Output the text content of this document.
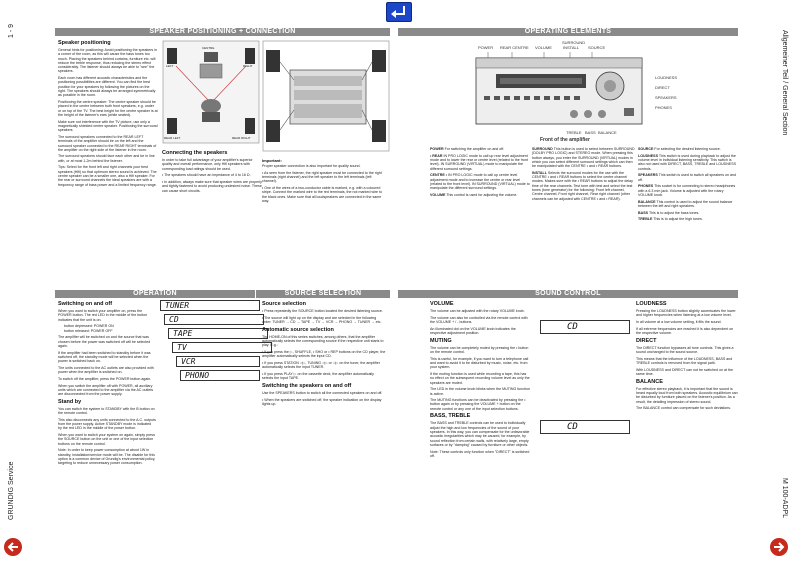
1 - 9
GRUNDIG Service
Allgemeiner Teil / General Section
M 100-ADPL
SPEAKER POSITIONING + CONNECTION
Speaker positioning

General hints for positioning: Avoid positioning the speakers in a corner of the room, as this will cause the bass tones too much. Placing the speakers behind curtains, furniture etc. will reduce the treble response, thus reducing the stereo effect considerably. The listener should always be able to "see" the speakers.

Each room has different acoustic characteristics and the positioning possibilities are different. You can find the best position for your speakers by following the pictures on the right. The speakers should always be arranged symmetrically as possible in the room.

Positioning the centre speaker: The centre speaker should be placed in the centre between both front speakers, e.g. under or on top of the TV. The best height for the centre speaker is at the height of the listener's ears (while seated).

Make sure not interference with the TV picture, use only a magnetically shielded centre speaker. Positioning the surround speakers

The surround speakers connected to the REAR LEFT terminals of the amplifier should be on the left and the surround speaker connected to the REAR RIGHT terminals of the amplifier on the right side of the listener in the room.

The surround speakers should face each other and be in line with, or at most 1-2m behind the listener.

Tips: Select for the front left and right channels your best speakers (Hifi) so that optimum stereo sound is achieved. The centre speaker can be a smaller one, also a Hifi speaker. For the rear or surround channels the ideal speakers are with a frequency range of bass power and a limited frequency range.

LEFT	RIGHT
CENTRE
REAR LEFT	REAR RIGHT
Connecting the speakers

In order to take full advantage of your amplifier's superior quality and overall performance, only Hifi speakers with corresponding load ratings should be used.

• The speakers should have an impedance of 4 to 16 Ω.

• In addition, always make sure that speaker wires are properly and tightly fastened to avoid producing undesired noise. These can cause short circuits.

Important:

Proper speaker connection is also important for quality sound.

• As seen from the listener, the right speaker must be connected to the right terminals (right channel) and the left speaker to the left terminals (left channel).

• One of the wires of a two-conductor cable is marked, e.g. with a coloured stripe. Connect the marked wire to the red terminals, the not marked wire to the black ones. Make sure that all loudspeakers are connected in the same way.

OPERATING ELEMENTS
SURROUND
POWER REAR CENTRE VOLUME	INSTALL SOURCE
LOUDNESS
DIRECT
SPEAKERS
PHONES
TREBLE BASS BALANCE
Front of the amplifier

POWER For switching the amplifier on and off.

• REAR IN PRO LOGIC mode to call up rear level adjustment mode and to lower the rear or centre level (related to the front level). IN SURROUND (VIRTUAL) mode to manipulate the different surround settings.

CENTRE • IN PRO LOGIC mode to call up centre level adjustment mode and to increase the centre or rear level (related to the front level). IN SURROUND (VIRTUAL) mode to manipulate the different surround settings.

VOLUME This control is used for adjusting the volume.

SURROUND This button is used to select between SURROUND (DOLBY PRO LOGIC) and STEREO mode. When pressing this button always, you enter the SURROUND (VIRTUAL) modes in which you can select different surround settings which can then be manipulated with the CENTRE • and • REAR buttons.

INSTALL Selects the surround modes for the use with the CENTRE • and • REAR buttons to select the centre channel modes. Makes sure with the • REAR buttons to adjust the delay time of the rear channels. Test tone with test and select the test tones (tone generator) for the following: Front left channel, Centre channel, Front right channel, Rear right channel (other channels can be adjusted with CENTRE • and • REAR).

SOURCE For selecting the desired listening source.

LOUDNESS This switch is used during playback to adjust the volume level in individual listening sensitivity. This switch is also not used with DIRECT, BASS, TREBLE and LOUDNESS controls.

SPEAKERS This switch is used to switch all speakers on and off.

PHONES This socket is for connecting to stereo headphones with a 6.3 mm jack. Volume is adjusted with the rotary VOLUME knob.

BALANCE This control is used to adjust the sound balance between the left and right speakers.

BASS This is to adjust the bass tones.

TREBLE This is to adjust the high tones.

OPERATION
Switching on and off

When you want to switch your amplifier on, press the POWER button. The red LED in the middle of the button indicates that the unit is on.

button depressed: POWER ON

button released: POWER OFF

The amplifier will be switched on and the source that was chosen before the power was switched off will be selected again.

If the amplifier had been switched to standby before it was switched off, the standby mode will be selected when the power is switched back on.

The units connected to the AC outlets are also provided with power when the amplifier is switched on.

To switch off the amplifier, press the POWER button again.

When you switch the amplifier off with POWER, all auxiliary units which are connected to the amplifier via the AC outlets are disconnected from the power supply.

Stand by

You can switch the system to STANDBY with the B button on the remote control.

This also disconnects any units connected to the A.C. outputs from the power supply. Active STANDBY mode is indicated by the red LED in the middle of the power button.

When you want to switch your system on again, simply press the SOURCE button on the unit or one of the input selection buttons on the remote control.

Note: In order to keep power consumption at about 1W in standby, installation/service mode will be. The disable for this option is a common device of Grundig's environmental policy, targeting to reduce unnecessary power consumption.

TUNER
CD
TAPE
TV
VCR
PHONO
SOURCE SELECTION
Source selection

• Press repeatedly the SOURCE button located the desired listening source.

• The source will light up on the display and are selected in the following order: TUNER → CD → TAPE → TV → VCR → PHONO → TUNER → etc.

Automatic source selection

The HOME-ON of this series switches, among others, that the amplifier automatically selects the corresponding source if the respective unit starts to play. E.g.:

• If you press the ▷, SHUFFLE, • SHO or • REP buttons on the CD player, the amplifier automatically selects the input CD.

• If you press STATION ◁▷, TUNING ◁▷ or ◁▷ on the tuner, the amplifier automatically selects the input TUNER.

• If you press PLAY ▷ on the cassette deck, the amplifier automatically selects the input TAPE.

Switching the speakers on and off

Use the SPEAKERS button to switch all the connected speakers on and off.

• When the speakers are switched off, the speaker indication on the display lights up.

SOUND CONTROL
VOLUME

The volume can be adjusted with the rotary VOLUME knob.

The volume can also be controlled via the remote control with the VOLUME + / - buttons.

An illuminated dot on the VOLUME knob indicates the respective adjustment position.

MUTING

The volume can be completely muted by pressing the • button on the remote control.

This is useful, for example, if you want to turn a telephone call and want to avoid it to be disturbed by music, noise, etc. from your system.

If the muting function is used while recording a tape, this has no effect on the subsequent recording volume level as only the speakers are muted.

The LED in the volume knob blinks when the MUTING function is active.

The MUTING functions can be deactivated by pressing the • button again or by pressing the VOLUME + button on the remote control or any one of the input selection buttons.

BASS, TREBLE

The BASS and TREBLE controls can be used to individually adjust the high and low frequencies of the sound of your speakers. In this way, you can compensate for the unfavorable acoustic irregularities which may be caused, for example, by sound reflection from certain walls, with relatively large, empty surfaces or by "damping" caused by furniture or other objects.

Note: These controls only function when "DIRECT" is switched off.

CD
CD
LOUDNESS

Pressing the LOUDNESS button slightly accentuates the lower and higher frequencies when listening at a low volume level.

In all volume at a low volume setting, it fills the sound.

If all extreme frequencies are reached it is also dependent on the respective volume.

DIRECT

The DIRECT function bypasses all tone controls. This gives a sound unchanged to the sound source.

This means that the influence of the LOUDNESS, BASS and TREBLE controls is removed from the signal path.

With LOUDNESS and DIRECT can not be switched on at the same time.

BALANCE

For effective stereo playback, it is important that the sound is heard equally loud from both speakers. Acoustic equilibrium can be disturbed by furniture placed on the listener's position. As a result, the detailing impression of stereo sound.

The BALANCE control can compensate for such deviations.
